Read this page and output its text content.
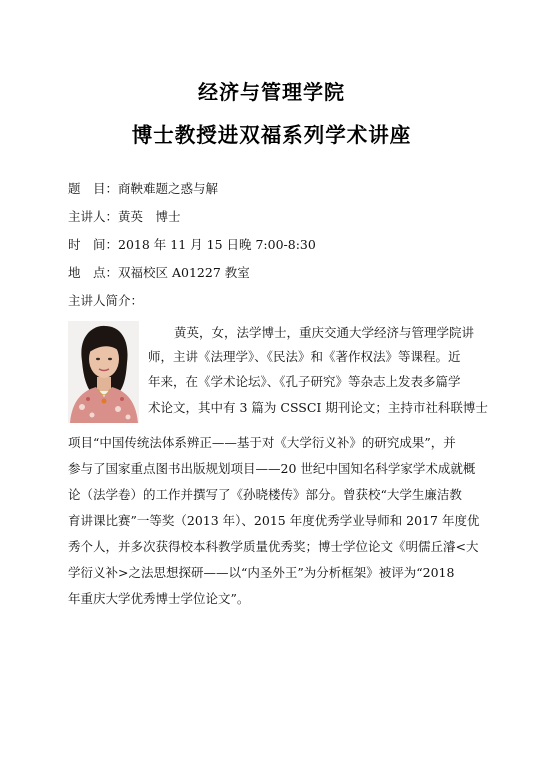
经济与管理学院
博士教授进双福系列学术讲座
题　目：商鞅难题之惑与解
主讲人：黄英　博士
时　间：2018 年 11 月 15 日晚 7:00-8:30
地　点：双福校区 A01227 教室
主讲人简介：
黄英，女，法学博士，重庆交通大学经济与管理学院讲
师，主讲《法理学》、《民法》和《著作权法》等课程。近
年来，在《学术论坛》、《孔子研究》等杂志上发表多篇学
术论文，其中有 3 篇为 CSSCI 期刊论文；主持市社科联博士
项目“中国传统法体系辨正——基于对《大学衍义补》的研究成果”，并
参与了国家重点图书出版规划项目——20 世纪中国知名科学家学术成就概
论（法学卷）的工作并撰写了《孙晓楼传》部分。曾获校“大学生廉洁教
育讲课比赛”一等奖（2013 年）、2015 年度优秀学业导师和 2017 年度优
秀个人，并多次获得校本科教学质量优秀奖；博士学位论文《明儒丘濬<大
学衍义补>之法思想探研——以“内圣外王”为分析框架》被评为“2018
年重庆大学优秀博士学位论文”。
